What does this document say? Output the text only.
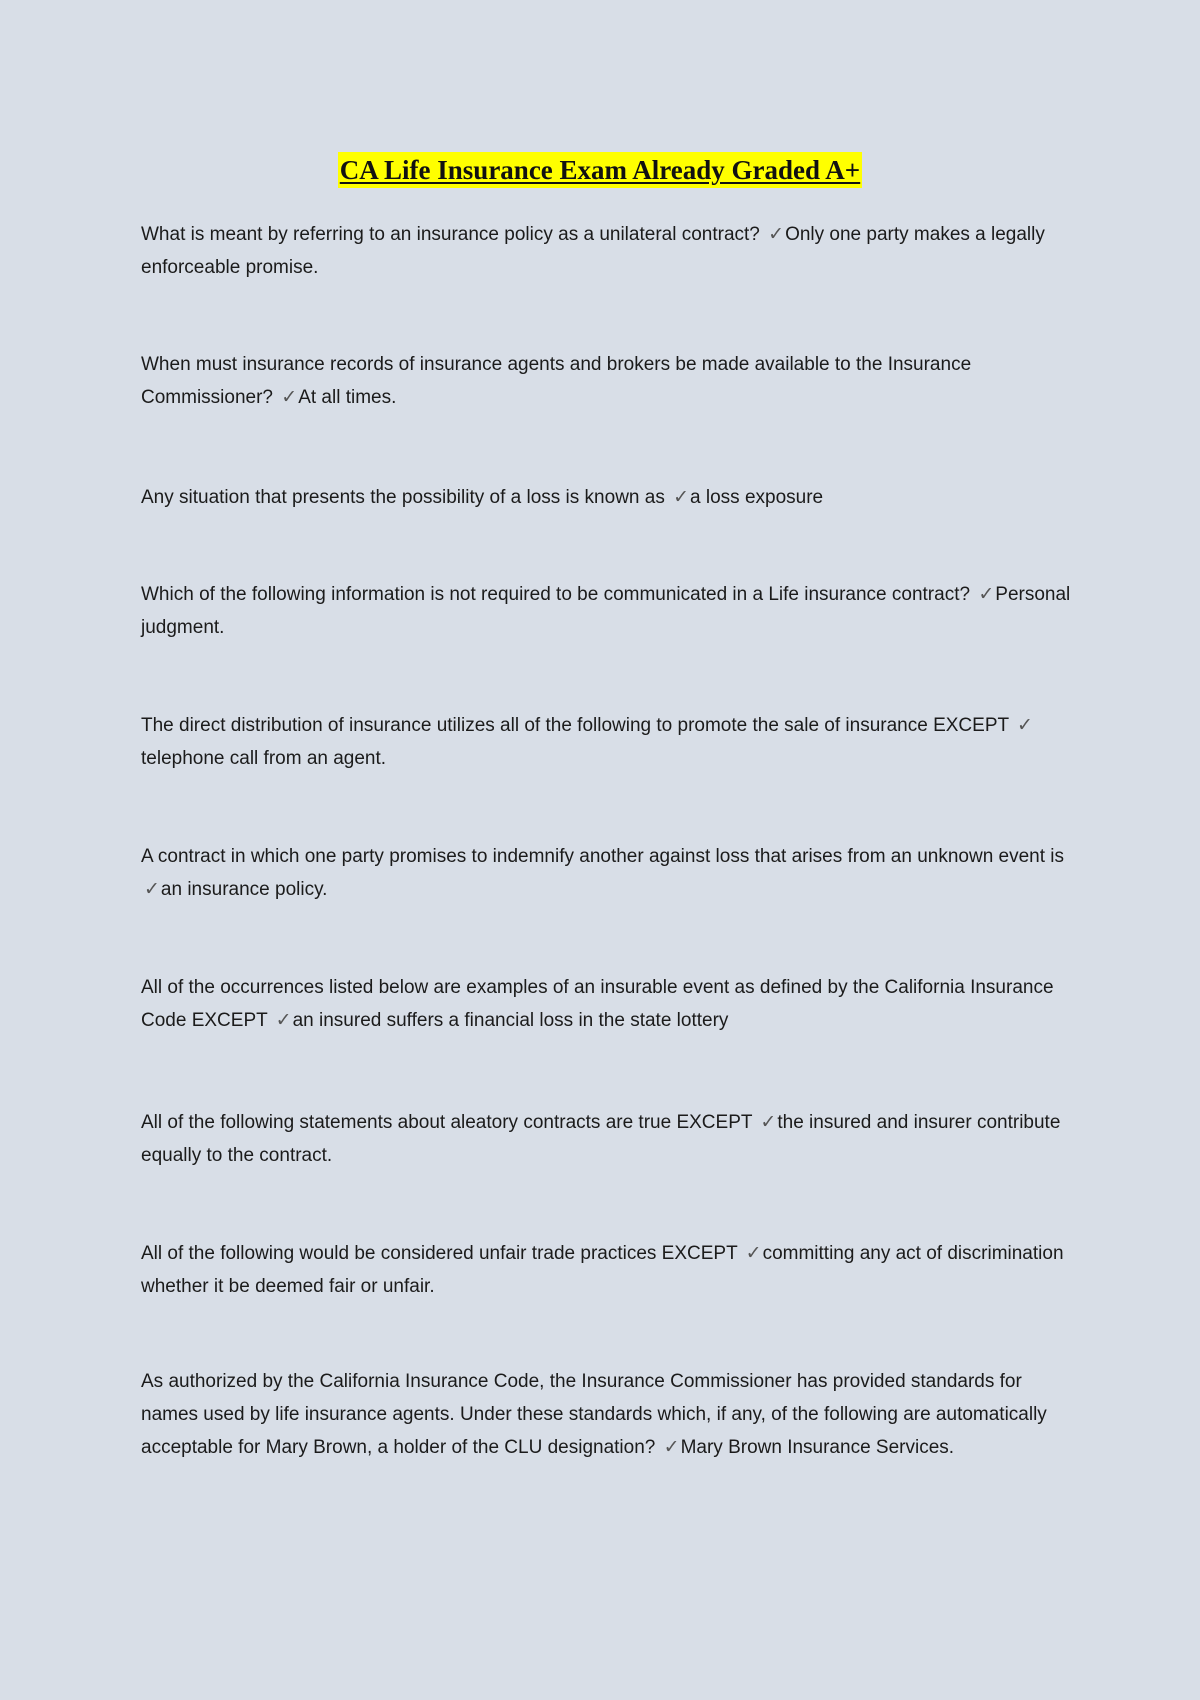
CA Life Insurance Exam Already Graded A+

What is meant by referring to an insurance policy as a unilateral contract? ✓Only one party makes a legally enforceable promise.

When must insurance records of insurance agents and brokers be made available to the Insurance Commissioner? ✓At all times.

Any situation that presents the possibility of a loss is known as ✓a loss exposure

Which of the following information is not required to be communicated in a Life insurance contract? ✓Personal judgment.

The direct distribution of insurance utilizes all of the following to promote the sale of insurance EXCEPT ✓telephone call from an agent.

A contract in which one party promises to indemnify another against loss that arises from an unknown event is ✓an insurance policy.

All of the occurrences listed below are examples of an insurable event as defined by the California Insurance Code EXCEPT ✓an insured suffers a financial loss in the state lottery

All of the following statements about aleatory contracts are true EXCEPT ✓the insured and insurer contribute equally to the contract.

All of the following would be considered unfair trade practices EXCEPT ✓committing any act of discrimination whether it be deemed fair or unfair.

As authorized by the California Insurance Code, the Insurance Commissioner has provided standards for names used by life insurance agents. Under these standards which, if any, of the following are automatically acceptable for Mary Brown, a holder of the CLU designation? ✓Mary Brown Insurance Services.
